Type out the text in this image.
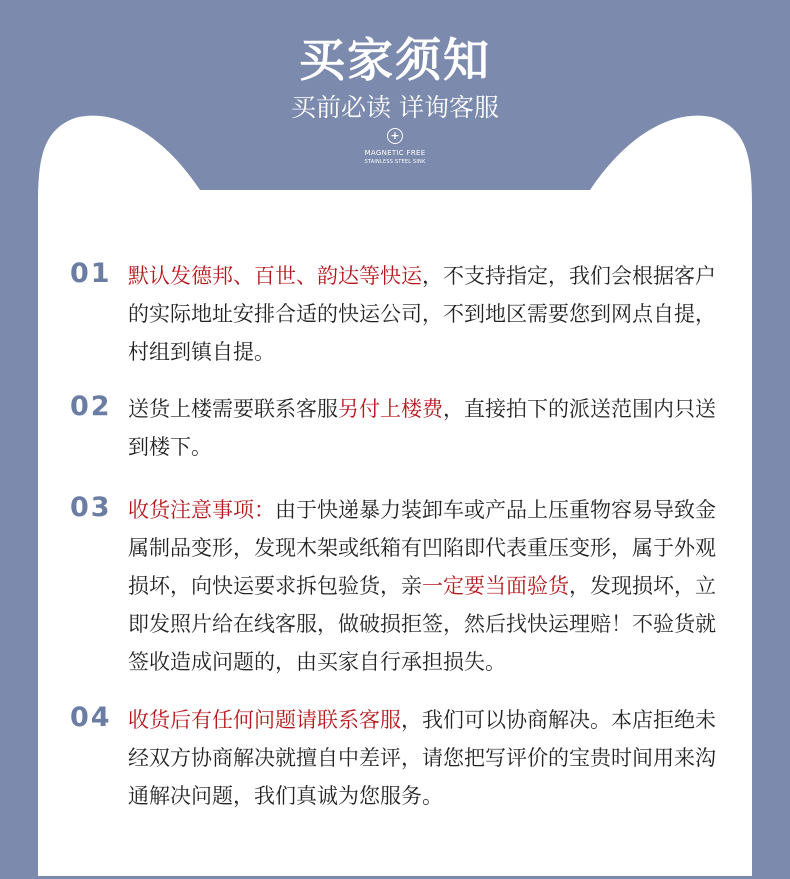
买家须知
买前必读 详询客服
+
MAGNETIC FREE
STAINLESS STEEL SINK
01 默认发德邦、百世、韵达等快运，不支持指定，我们会根据客户的实际地址安排合适的快运公司，不到地区需要您到网点自提，村组到镇自提。
02 送货上楼需要联系客服另付上楼费，直接拍下的派送范围内只送到楼下。
03 收货注意事项：由于快递暴力装卸车或产品上压重物容易导致金属制品变形，发现木架或纸箱有凹陷即代表重压变形，属于外观损坏，向快运要求拆包验货，亲一定要当面验货，发现损坏，立即发照片给在线客服，做破损拒签，然后找快运理赔！不验货就签收造成问题的，由买家自行承担损失。
04 收货后有任何问题请联系客服，我们可以协商解决。本店拒绝未经双方协商解决就擅自中差评，请您把写评价的宝贵时间用来沟通解决问题，我们真诚为您服务。
